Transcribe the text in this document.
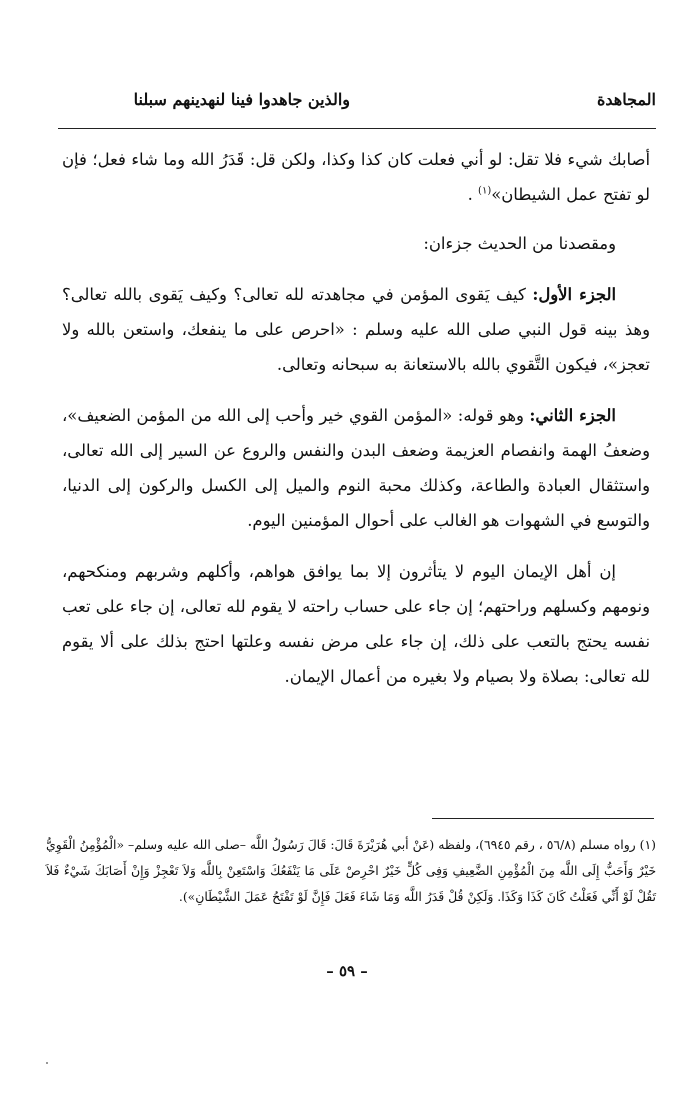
المجاهدة
والذين جاهدوا فينا لنهدينهم سبلنا

أصابك شيء فلا تقل: لو أني فعلت كان كذا وكذا، ولكن قل: قَدَرُ الله وما شاء فعل؛ فإن لو تفتح عمل الشيطان»$^{(١)}$ .

ومقصدنا من الحديث جزءان:

الجزء الأول: كيف يَقوى المؤمن في مجاهدته لله تعالى؟ وكيف يَقوى بالله تعالى؟ وهذ بينه قول النبي صلى الله عليه وسلم : «احرص على ما ينفعك، واستعن بالله ولا تعجز»، فيكون التَّقوي بالله بالاستعانة به سبحانه وتعالى.

الجزء الثاني: وهو قوله: «المؤمن القوي خير وأحب إلى الله من المؤمن الضعيف»، وضعفُ الهمة وانفصام العزيمة وضعف البدن والنفس والروع عن السير إلى الله تعالى، واستثقال العبادة والطاعة، وكذلك محبة النوم والميل إلى الكسل والركون إلى الدنيا، والتوسع في الشهوات هو الغالب على أحوال المؤمنين اليوم.

إن أهل الإيمان اليوم لا يتأثرون إلا بما يوافق هواهم، وأكلهم وشربهم ومنكحهم، ونومهم وكسلهم وراحتهم؛ إن جاء على حساب راحته لا يقوم لله تعالى، إن جاء على تعب نفسه يحتج بالتعب على ذلك، إن جاء على مرض نفسه وعلتها احتج بذلك على ألا يقوم لله تعالى: بصلاة ولا بصيام ولا بغيره من أعمال الإيمان.

(١) رواه مسلم (٥٦/٨ ، رقم ٦٩٤٥)، ولفظه (عَنْ أبي هُرَيْرَةَ قَالَ: قَالَ رَسُولُ اللَّه –صلى الله عليه وسلم– «الْمُؤْمِنُ الْقَوِيُّ خَيْرٌ وَأَحَبُّ إِلَى اللَّه مِنَ الْمُؤْمِنِ الضَّعِيفِ وَفِى كُلٍّ خَيْرٌ احْرِصْ عَلَى مَا يَنْفَعُكَ وَاسْتَعِنْ بِاللَّه وَلاَ تَعْجِزْ وَإِنْ أَصَابَكَ شَيْءٌ فَلاَ تَقُلْ لَوْ أَنِّي فَعَلْتُ كَانَ كَذَا وَكَذَا. وَلَكِنْ قُلْ قَدَرُ اللَّه وَمَا شَاءَ فَعَلَ فَإِنَّ لَوْ تَفْتَحُ عَمَلَ الشَّيْطَانِ»).

– ٥٩ –
